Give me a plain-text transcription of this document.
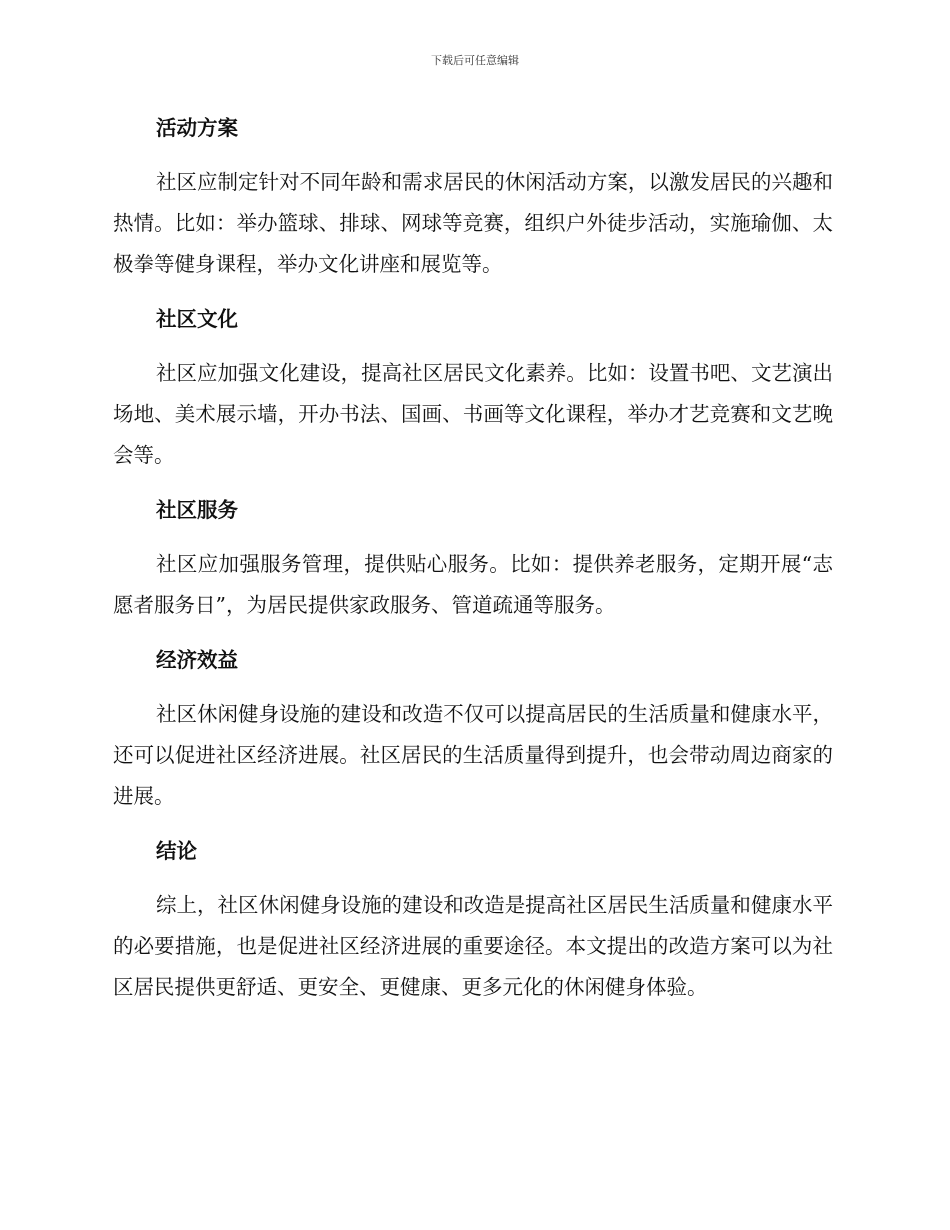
下载后可任意编辑
活动方案

社区应制定针对不同年龄和需求居民的休闲活动方案，以激发居民的兴趣和热情。比如：举办篮球、排球、网球等竞赛，组织户外徒步活动，实施瑜伽、太极拳等健身课程，举办文化讲座和展览等。

社区文化

社区应加强文化建设，提高社区居民文化素养。比如：设置书吧、文艺演出场地、美术展示墙，开办书法、国画、书画等文化课程，举办才艺竞赛和文艺晚会等。

社区服务

社区应加强服务管理，提供贴心服务。比如：提供养老服务，定期开展“志愿者服务日”，为居民提供家政服务、管道疏通等服务。

经济效益

社区休闲健身设施的建设和改造不仅可以提高居民的生活质量和健康水平，还可以促进社区经济进展。社区居民的生活质量得到提升，也会带动周边商家的进展。

结论

综上，社区休闲健身设施的建设和改造是提高社区居民生活质量和健康水平的必要措施，也是促进社区经济进展的重要途径。本文提出的改造方案可以为社区居民提供更舒适、更安全、更健康、更多元化的休闲健身体验。
